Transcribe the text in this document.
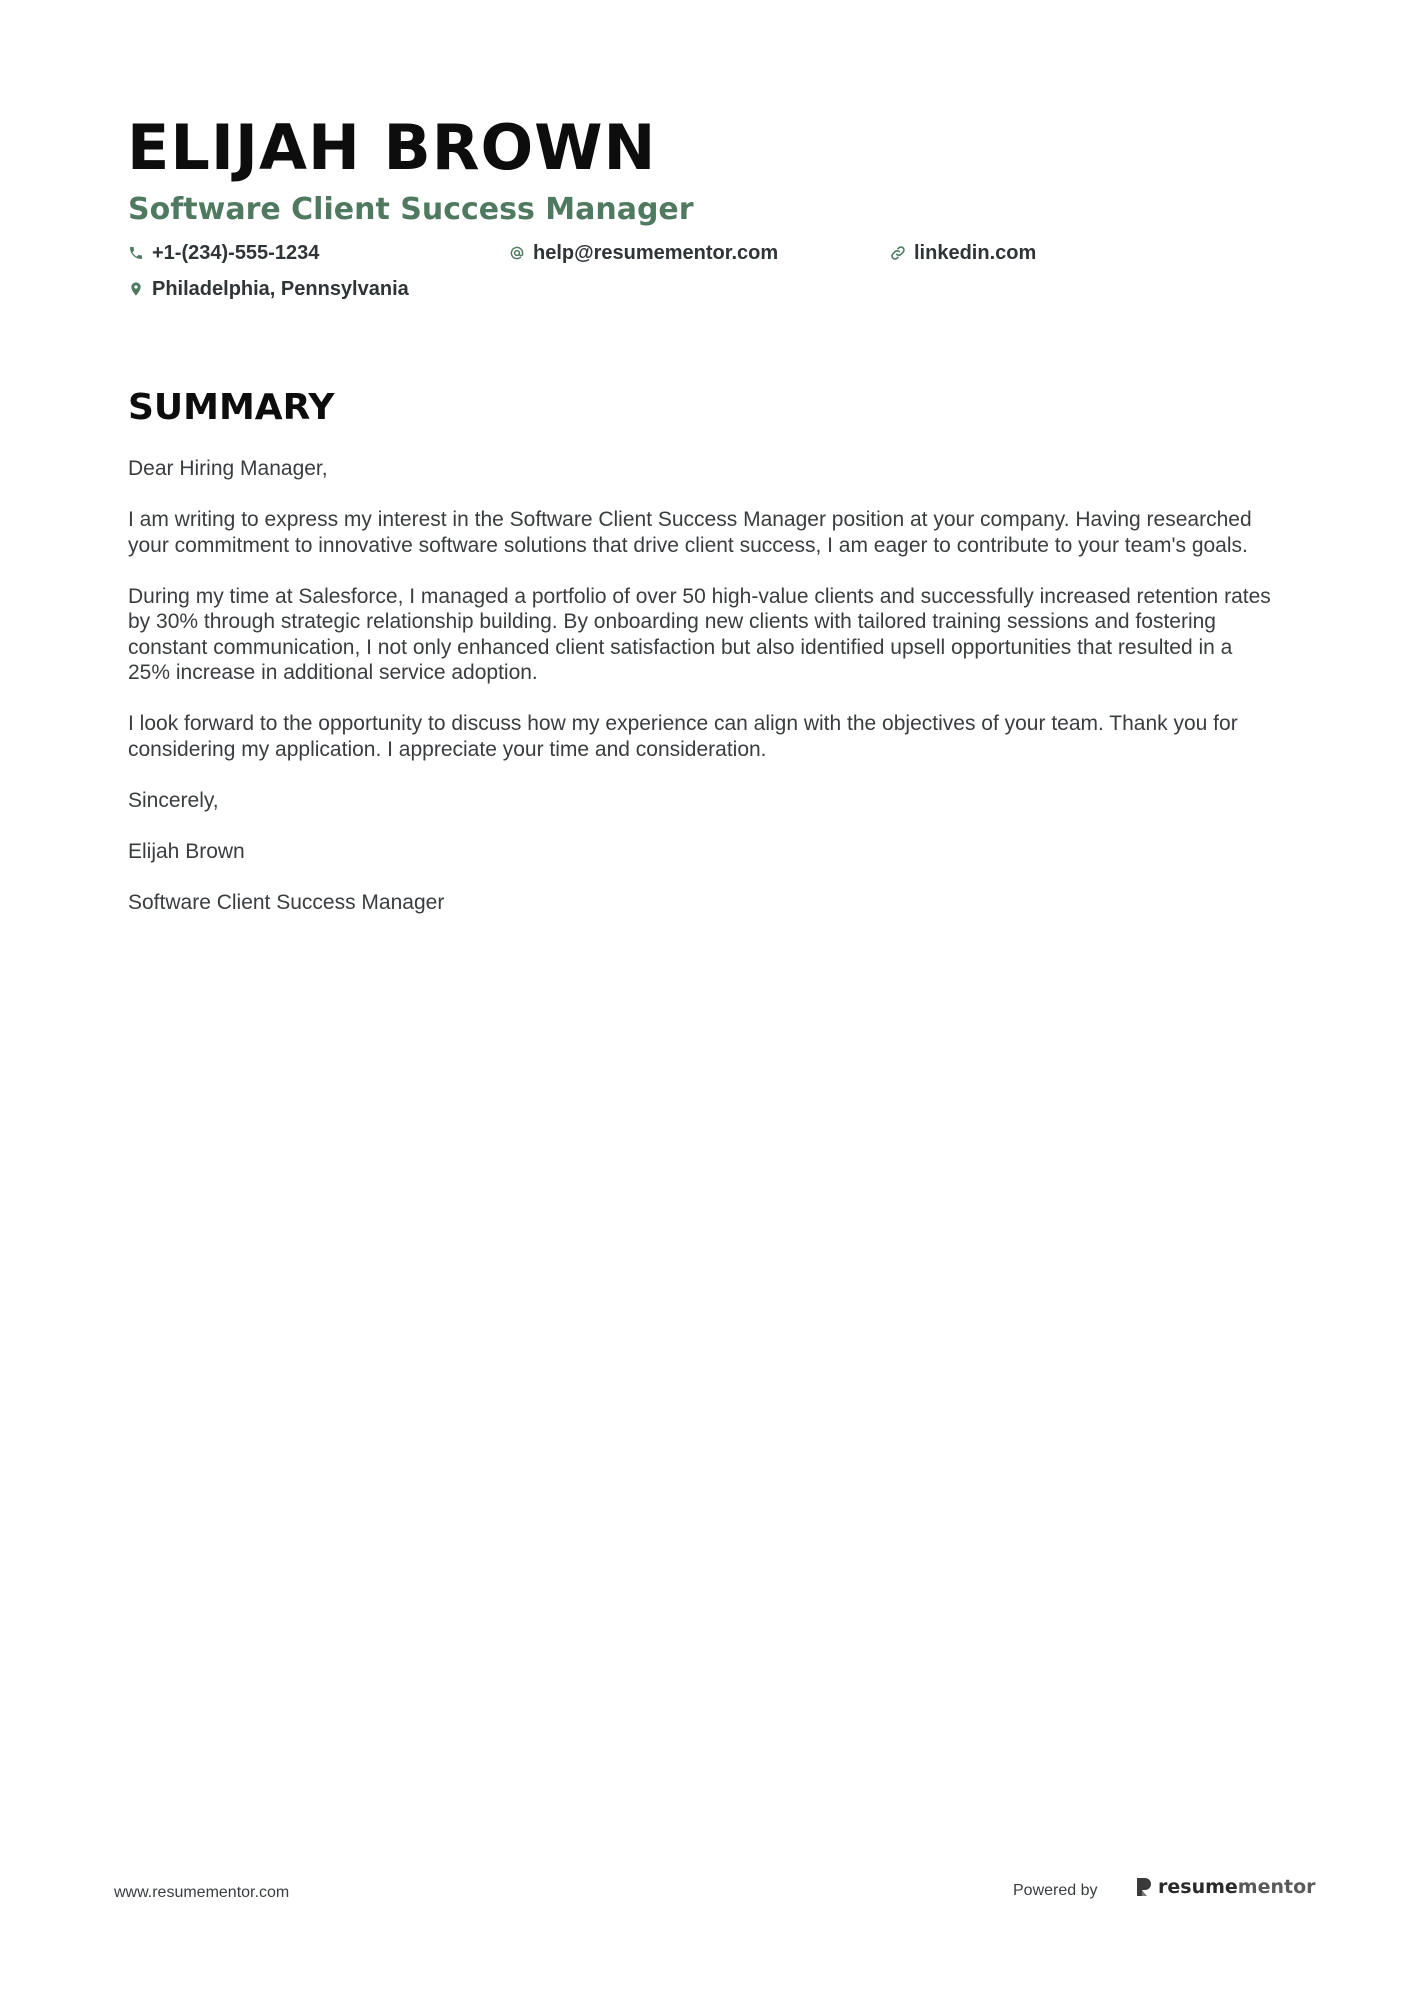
ELIJAH BROWN
Software Client Success Manager
+1-(234)-555-1234	help@resumementor.com	linkedin.com
Philadelphia, Pennsylvania
SUMMARY

Dear Hiring Manager,

I am writing to express my interest in the Software Client Success Manager position at your company. Having researched your commitment to innovative software solutions that drive client success, I am eager to contribute to your team's goals.

During my time at Salesforce, I managed a portfolio of over 50 high-value clients and successfully increased retention rates by 30% through strategic relationship building. By onboarding new clients with tailored training sessions and fostering constant communication, I not only enhanced client satisfaction but also identified upsell opportunities that resulted in a 25% increase in additional service adoption.

I look forward to the opportunity to discuss how my experience can align with the objectives of your team. Thank you for considering my application. I appreciate your time and consideration.

Sincerely,

Elijah Brown

Software Client Success Manager

www.resumementor.com	Powered by	resume mentor
